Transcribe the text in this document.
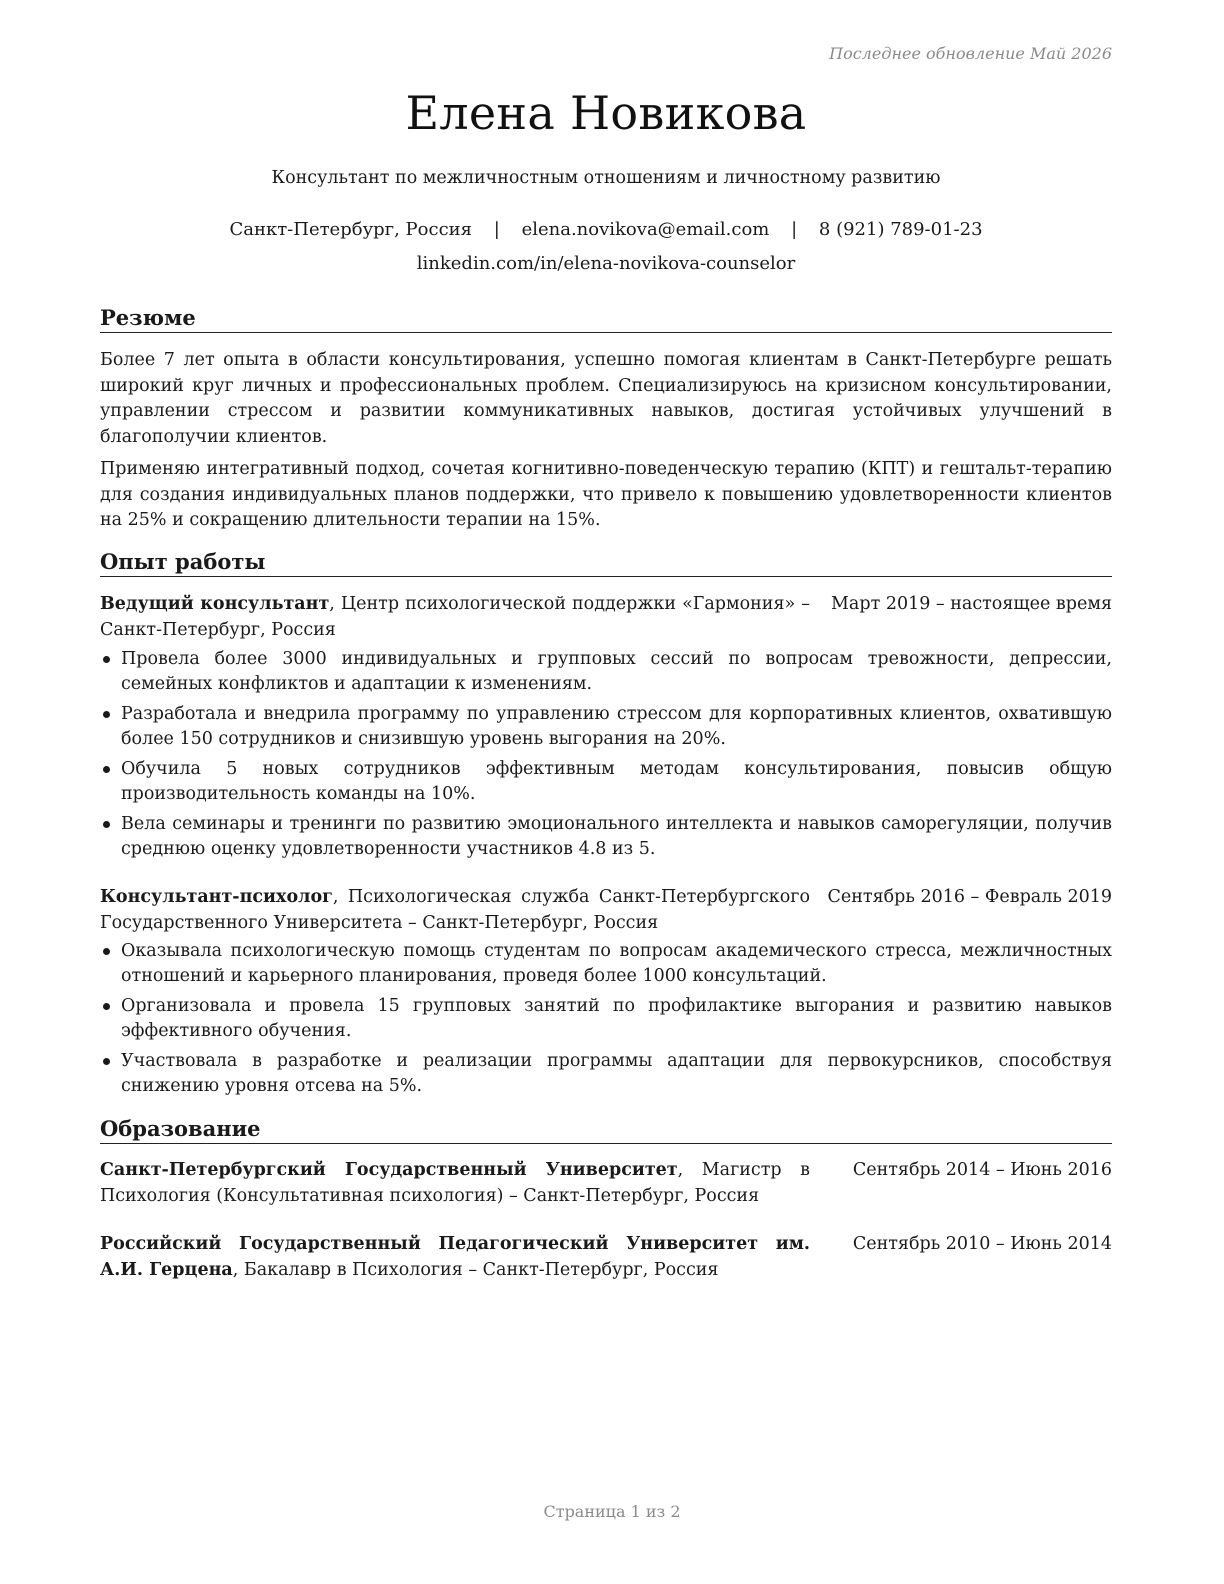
Последнее обновление Май 2026
Елена Новикова
Консультант по межличностным отношениям и личностному развитию
Санкт-Петербург, Россия | elena.novikova@email.com | 8 (921) 789-01-23
linkedin.com/in/elena-novikova-counselor
Резюме
Более 7 лет опыта в области консультирования, успешно помогая клиентам в Санкт-Петербурге решать широкий круг личных и профессиональных проблем. Специализируюсь на кризисном консультировании, управлении стрессом и развитии коммуникативных навыков, достигая устойчивых улучшений в благополучии клиентов.
Применяю интегративный подход, сочетая когнитивно-поведенческую терапию (КПТ) и гештальт-терапию для создания индивидуальных планов поддержки, что привело к повышению удовлетворенности клиентов на 25% и сокращению длительности терапии на 15%.
Опыт работы
Ведущий консультант, Центр психологической поддержки «Гармония» – Санкт-Петербург, Россия
Март 2019 – настоящее время
Провела более 3000 индивидуальных и групповых сессий по вопросам тревожности, депрессии, семейных конфликтов и адаптации к изменениям.
Разработала и внедрила программу по управлению стрессом для корпоративных клиентов, охватившую более 150 сотрудников и снизившую уровень выгорания на 20%.
Обучила 5 новых сотрудников эффективным методам консультирования, повысив общую производительность команды на 10%.
Вела семинары и тренинги по развитию эмоционального интеллекта и навыков саморегуляции, получив среднюю оценку удовлетворенности участников 4.8 из 5.
Консультант-психолог, Психологическая служба Санкт-Петербургского Государственного Университета – Санкт-Петербург, Россия
Сентябрь 2016 – Февраль 2019
Оказывала психологическую помощь студентам по вопросам академического стресса, межличностных отношений и карьерного планирования, проведя более 1000 консультаций.
Организовала и провела 15 групповых занятий по профилактике выгорания и развитию навыков эффективного обучения.
Участвовала в разработке и реализации программы адаптации для первокурсников, способствуя снижению уровня отсева на 5%.
Образование
Санкт-Петербургский Государственный Университет, Магистр в Психология (Консультативная психология) – Санкт-Петербург, Россия
Сентябрь 2014 – Июнь 2016
Российский Государственный Педагогический Университет им. А.И. Герцена, Бакалавр в Психология – Санкт-Петербург, Россия
Сентябрь 2010 – Июнь 2014
Страница 1 из 2
